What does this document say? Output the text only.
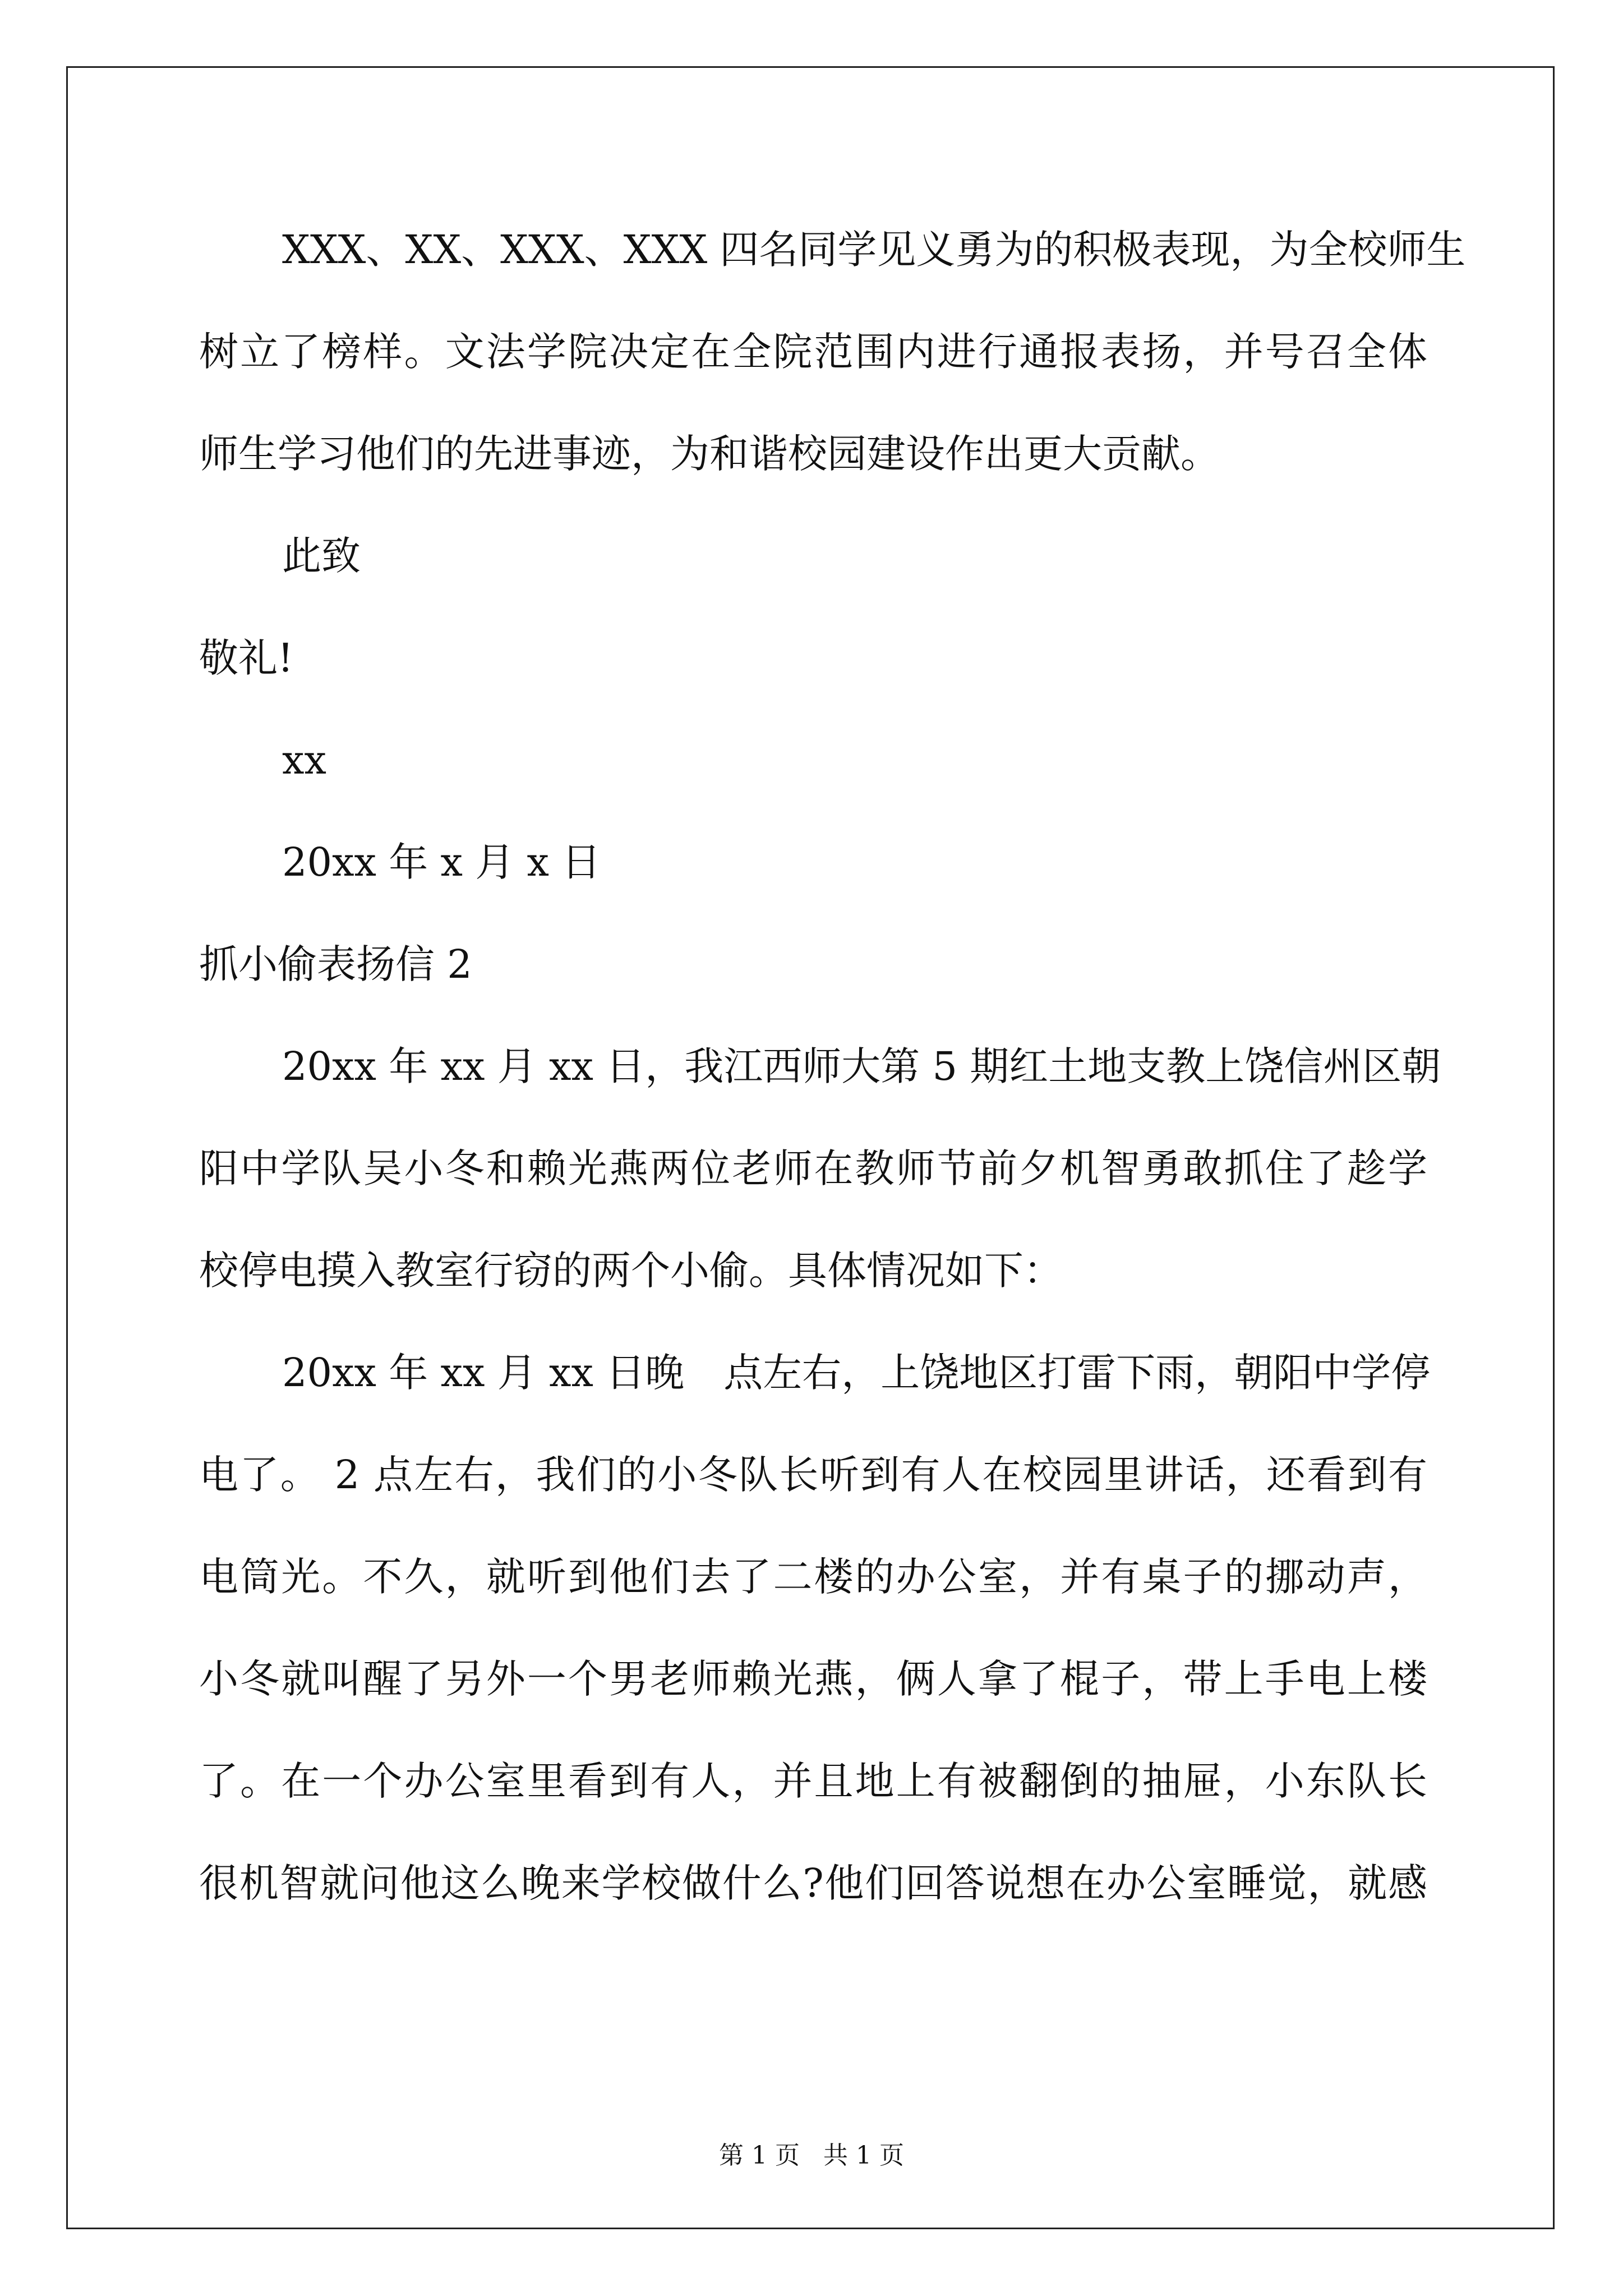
XXX、XX、XXX、XXX 四名同学见义勇为的积极表现，为全校师生
树立了榜样。文法学院决定在全院范围内进行通报表扬，并号召全体
师生学习他们的先进事迹，为和谐校园建设作出更大贡献。
此致
敬礼!
xx
20xx 年 x 月 x 日
抓小偷表扬信 2
20xx 年 xx 月 xx 日，我江西师大第 5 期红土地支教上饶信州区朝
阳中学队吴小冬和赖光燕两位老师在教师节前夕机智勇敢抓住了趁学
校停电摸入教室行窃的两个小偷。具体情况如下：
20xx 年 xx 月 xx 日晚　点左右，上饶地区打雷下雨，朝阳中学停
电了。 2 点左右，我们的小冬队长听到有人在校园里讲话，还看到有
电筒光。不久，就听到他们去了二楼的办公室，并有桌子的挪动声，
小冬就叫醒了另外一个男老师赖光燕，俩人拿了棍子，带上手电上楼
了。在一个办公室里看到有人，并且地上有被翻倒的抽屉，小东队长
很机智就问他这么晚来学校做什么?他们回答说想在办公室睡觉，就感
第 1 页 共 1 页
